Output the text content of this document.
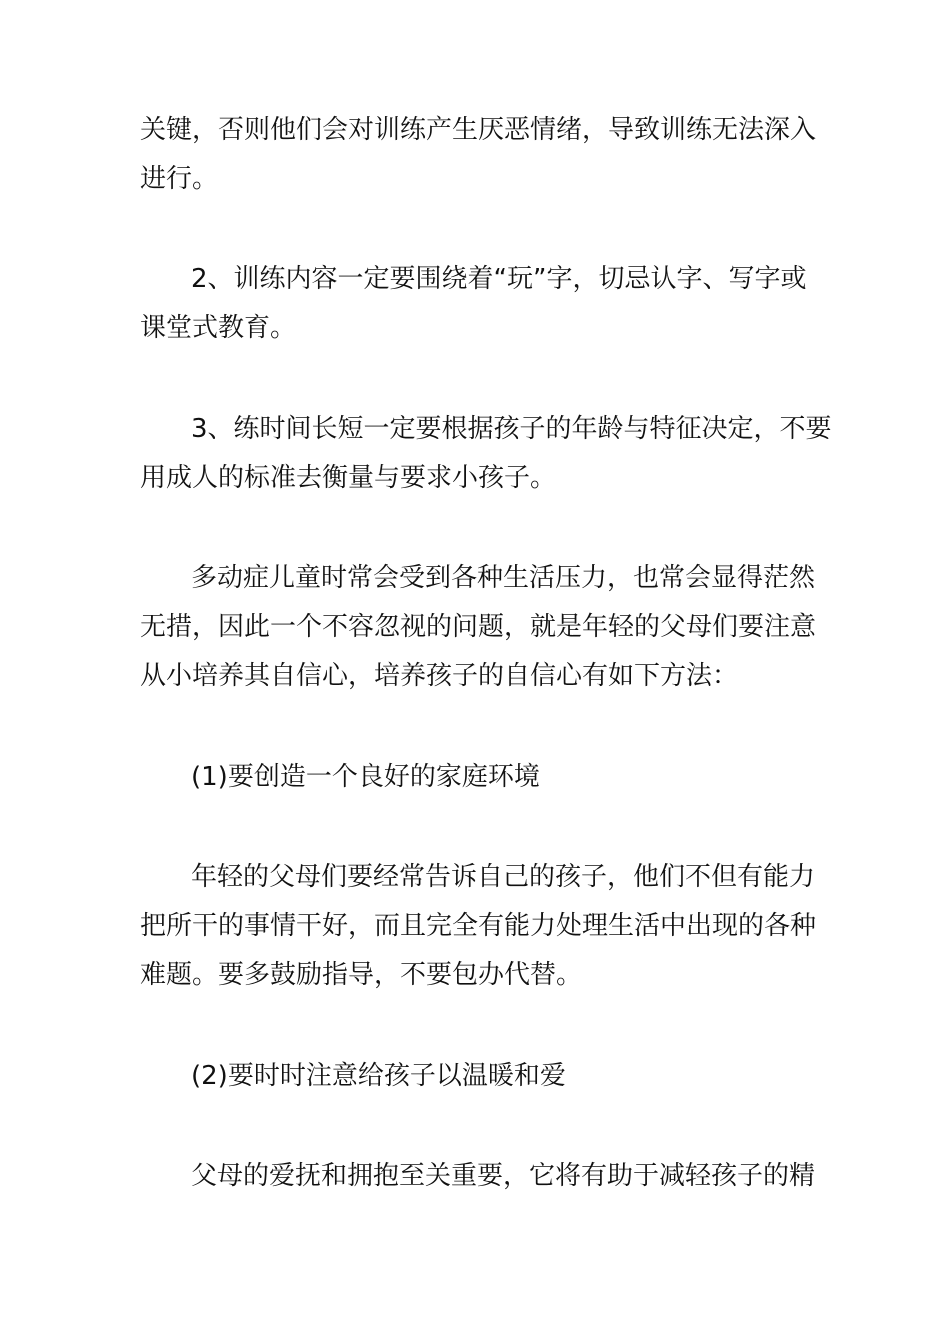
关键，否则他们会对训练产生厌恶情绪，导致训练无法深入
进行。
2、训练内容一定要围绕着“玩”字，切忌认字、写字或
课堂式教育。
3、练时间长短一定要根据孩子的年龄与特征决定，不要
用成人的标准去衡量与要求小孩子。
多动症儿童时常会受到各种生活压力，也常会显得茫然
无措，因此一个不容忽视的问题，就是年轻的父母们要注意
从小培养其自信心，培养孩子的自信心有如下方法：
(1)要创造一个良好的家庭环境
年轻的父母们要经常告诉自己的孩子，他们不但有能力
把所干的事情干好，而且完全有能力处理生活中出现的各种
难题。要多鼓励指导，不要包办代替。
(2)要时时注意给孩子以温暖和爱
父母的爱抚和拥抱至关重要，它将有助于减轻孩子的精
